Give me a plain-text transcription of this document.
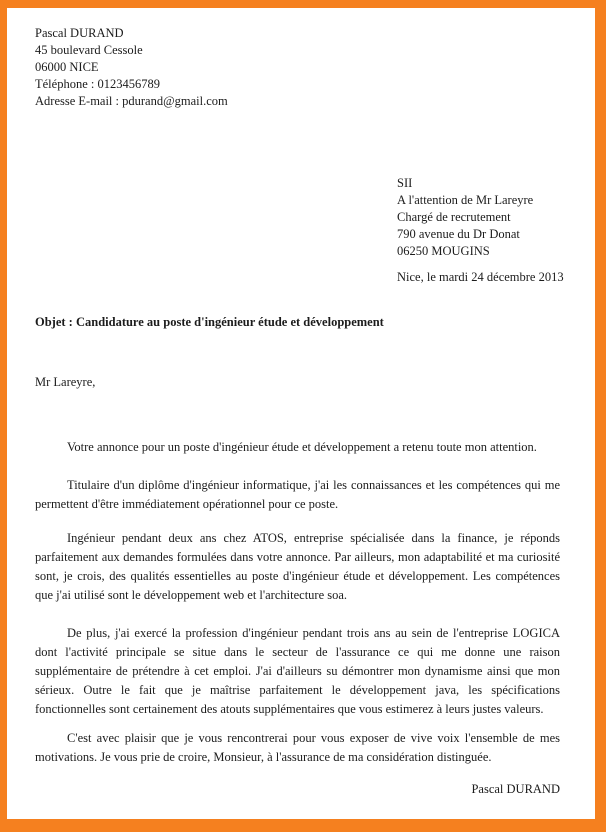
Pascal DURAND
45 boulevard Cessole
06000 NICE
Téléphone : 0123456789
Adresse E-mail : pdurand@gmail.com
SII
A l'attention de Mr Lareyre
Chargé de recrutement
790 avenue du Dr Donat
06250 MOUGINS
Nice, le mardi 24 décembre 2013
Objet : Candidature au poste d'ingénieur étude et développement
Mr Lareyre,

Votre annonce pour un poste d'ingénieur étude et développement a retenu toute mon attention.

Titulaire d'un diplôme d'ingénieur informatique, j'ai les connaissances et les compétences qui me permettent d'être immédiatement opérationnel pour ce poste.

Ingénieur pendant deux ans chez ATOS, entreprise spécialisée dans la finance, je réponds parfaitement aux demandes formulées dans votre annonce. Par ailleurs, mon adaptabilité et ma curiosité sont, je crois, des qualités essentielles au poste d'ingénieur étude et développement. Les compétences que j'ai utilisé sont le développement web et l'architecture soa.

De plus, j'ai exercé la profession d'ingénieur pendant trois ans au sein de l'entreprise LOGICA dont l'activité principale se situe dans le secteur de l'assurance ce qui me donne une raison supplémentaire de prétendre à cet emploi. J'ai d'ailleurs su démontrer mon dynamisme ainsi que mon sérieux. Outre le fait que je maîtrise parfaitement le développement java, les spécifications fonctionnelles sont certainement des atouts supplémentaires que vous estimerez à leurs justes valeurs.

C'est avec plaisir que je vous rencontrerai pour vous exposer de vive voix l'ensemble de mes motivations. Je vous prie de croire, Monsieur, à l'assurance de ma considération distinguée.

Pascal DURAND
